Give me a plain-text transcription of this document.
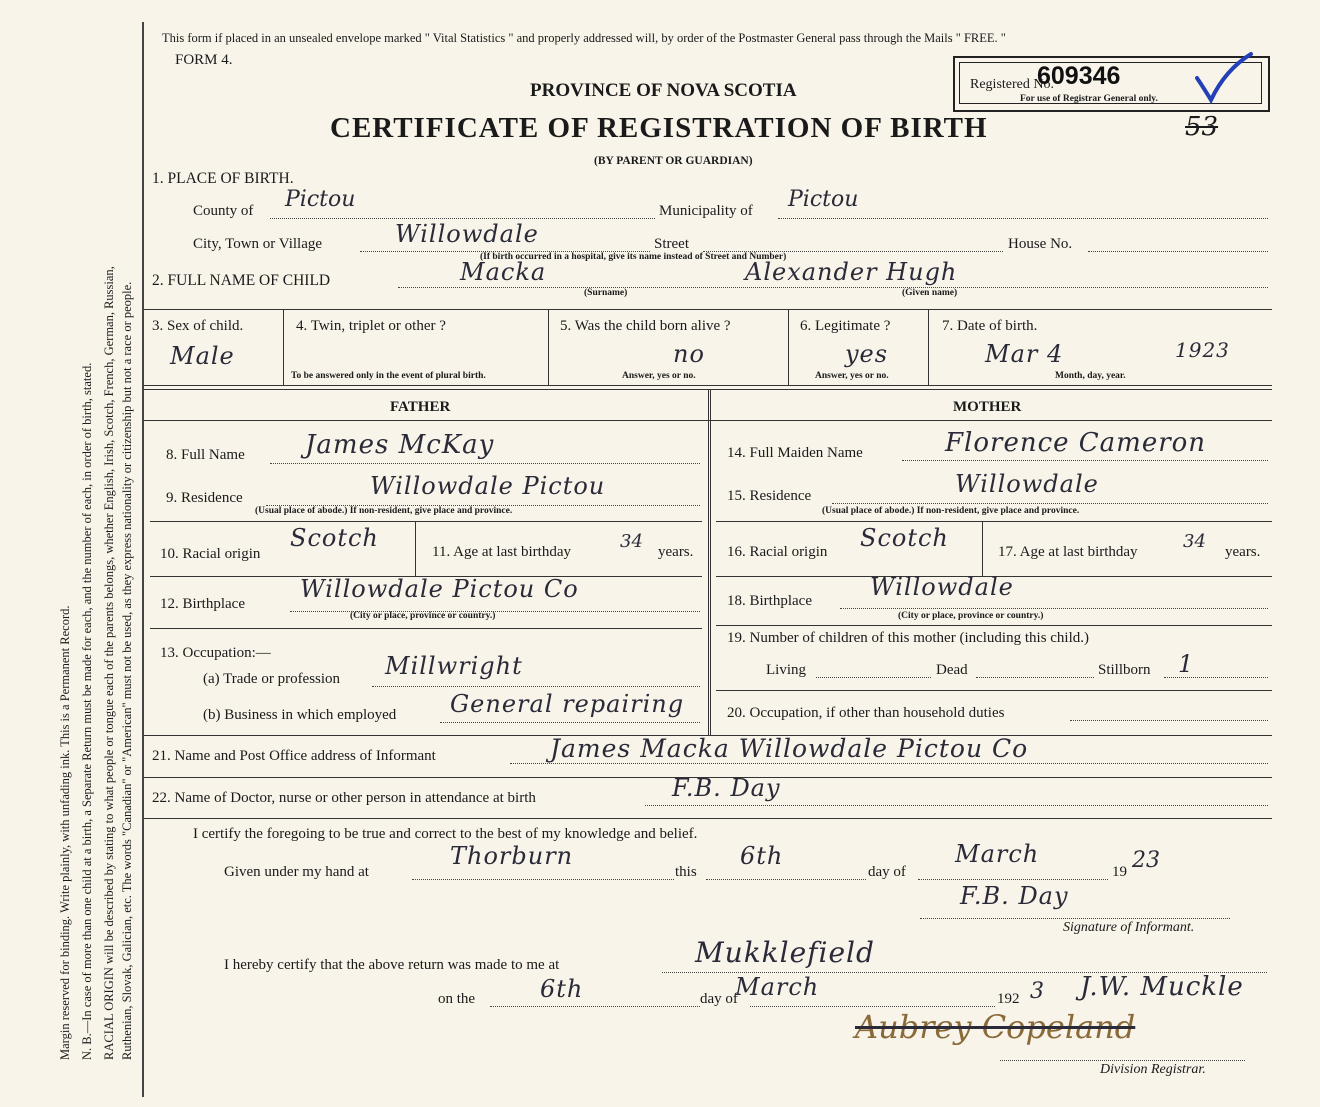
Margin reserved for binding. Write plainly, with unfading ink. This is a Permanent Record. N. B.—In case of more than one child at a birth, a Separate Return must be made for each, and the number of each, in order of birth, stated. RACIAL ORIGIN will be described by stating to what people or tongue each of the parents belongs, whether English, Irish, Scotch, French, German, Russian, Ruthenian, Slovak, Galician, etc. The words "Canadian" or "American" must not be used, as they express nationality or citizenship but not a race or people.
This form if placed in an unsealed envelope marked " Vital Statistics " and properly addressed will, by order of the Postmaster General pass through the Mails " FREE. "
FORM 4.
PROVINCE OF NOVA SCOTIA
CERTIFICATE OF REGISTRATION OF BIRTH
(BY PARENT OR GUARDIAN)
Registered No.
609346
For use of Registrar General only.
53
1. PLACE OF BIRTH.
County of Pictou	Municipality of Pictou
City, Town or Village	Willowdale	Street	House No.
(If birth occurred in a hospital, give its name instead of Street and Number)
2. FULL NAME OF CHILD	Macka
(Surname)
Alexander Hugh
(Given name)
3. Sex of child.
Male
4. Twin, triplet or other ?
To be answered only in the event of plural birth.
5. Was the child born alive ?
no
Answer, yes or no.
6. Legitimate ?
yes
Answer, yes or no.
7. Date of birth.
Mar 4	1923
Month, day, year.
FATHER	MOTHER
8. Full Name James McKay
9. Residence	Willowdale Pictou
(Usual place of abode.) If non-resident, give place and province.
10. Racial origin
Scotch	11. Age at last birthday	34 years.
12. Birthplace
Willowdale Pictou Co
(City or place, province or country.)
13. Occupation:—
(a) Trade or profession Millwright
(b) Business in which employed General repairing
14. Full Maiden Name	Florence Cameron
15. Residence	Willowdale
(Usual place of abode.) If non-resident, give place and province.
16. Racial origin Scotch	17. Age at last birthday	34 years.
18. Birthplace Willowdale
(City or place, province or country.)
19. Number of children of this mother (including this child.)
Living	Dead	Stillborn 1
20. Occupation, if other than household duties
21. Name and Post Office address of Informant	James Macka Willowdale Pictou Co
22. Name of Doctor, nurse or other person in attendance at birth	F.B. Day
I certify the foregoing to be true and correct to the best of my knowledge and belief.
Given under my hand at
Thorburn
this
6th
day of
March
19 23
F.B. Day
Signature of Informant.
I hereby certify that the above return was made to me at	Mukklefield
on the	6th	day of
March	192 3 J.W. Muckle
Aubrey Copeland
Division Registrar.
